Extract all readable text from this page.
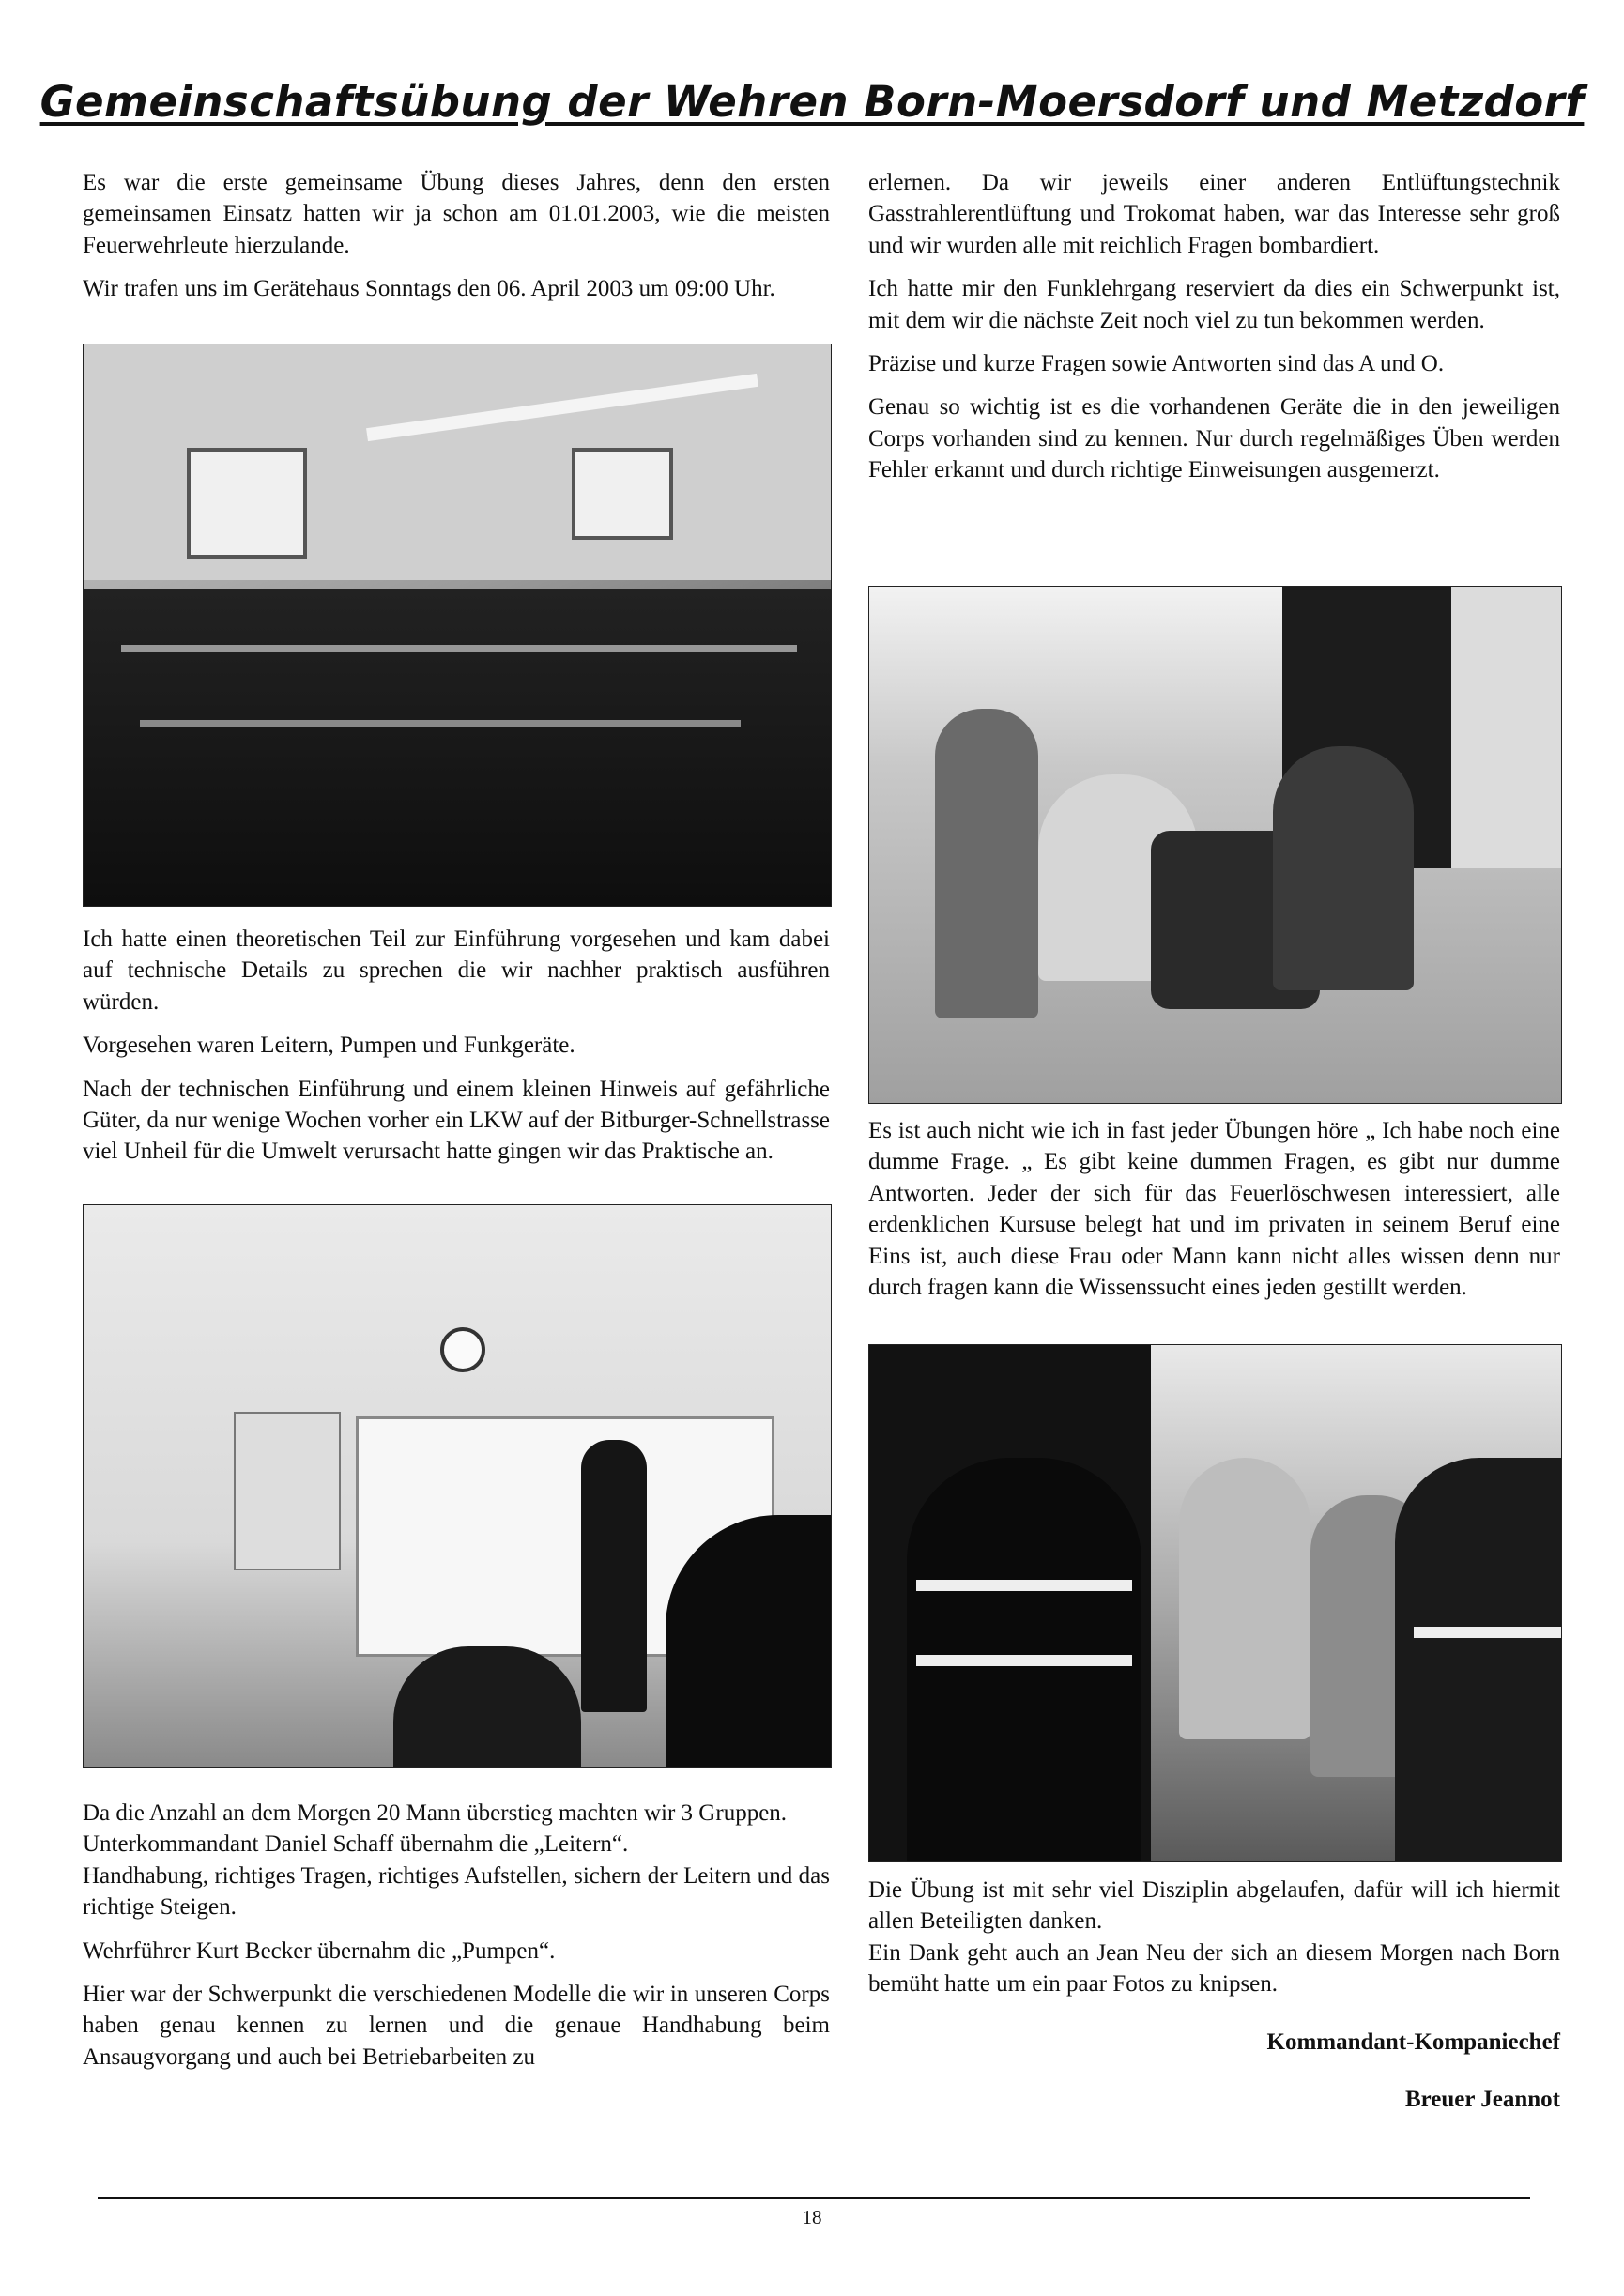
Gemeinschaftsübung der Wehren Born-Moersdorf und Metzdorf

Es war die erste gemeinsame Übung dieses Jahres, denn den ersten gemeinsamen Einsatz hatten wir ja schon am 01.01.2003, wie die meisten Feuerwehrleute hierzulande.

Wir trafen uns im Gerätehaus Sonntags den 06. April 2003 um 09:00 Uhr.

Ich hatte einen theoretischen Teil zur Einführung vorgesehen und kam dabei auf technische Details zu sprechen die wir nachher praktisch ausführen würden.

Vorgesehen waren Leitern, Pumpen und Funkgeräte.

Nach der technischen Einführung und einem kleinen Hinweis auf gefährliche Güter, da nur wenige Wochen vorher ein LKW auf der Bitburger-Schnellstrasse viel Unheil für die Umwelt verursacht hatte gingen wir das Praktische an.

Da die Anzahl an dem Morgen 20 Mann überstieg machten wir 3 Gruppen.

Unterkommandant Daniel Schaff übernahm die „Leitern“.

Handhabung, richtiges Tragen, richtiges Aufstellen, sichern der Leitern und das richtige Steigen.

Wehrführer Kurt Becker übernahm die „Pumpen“.

Hier war der Schwerpunkt die verschiedenen Modelle die wir in unseren Corps haben genau kennen zu lernen und die genaue Handhabung beim Ansaugvorgang und auch bei Betriebarbeiten zu

erlernen. Da wir jeweils einer anderen Entlüftungstechnik Gasstrahlerentlüftung und Trokomat haben, war das Interesse sehr groß und wir wurden alle mit reichlich Fragen bombardiert.

Ich hatte mir den Funklehrgang reserviert da dies ein Schwerpunkt ist, mit dem wir die nächste Zeit noch viel zu tun bekommen werden.

Präzise und kurze Fragen sowie Antworten sind das A und O.

Genau so wichtig ist es die vorhandenen Geräte die in den jeweiligen Corps vorhanden sind zu kennen. Nur durch regelmäßiges Üben werden Fehler erkannt und durch richtige Einweisungen ausgemerzt.

Es ist auch nicht wie ich in fast jeder Übungen höre „ Ich habe noch eine dumme Frage. „ Es gibt keine dummen Fragen, es gibt nur dumme Antworten. Jeder der sich für das Feuerlöschwesen interessiert, alle erdenklichen Kursuse belegt hat und im privaten in seinem Beruf eine Eins ist, auch diese Frau oder Mann kann nicht alles wissen denn nur durch fragen kann die Wissenssucht eines jeden gestillt werden.

Die Übung ist mit sehr viel Disziplin abgelaufen, dafür will ich hiermit allen Beteiligten danken.

Ein Dank geht auch an Jean Neu der sich an diesem Morgen nach Born bemüht hatte um ein paar Fotos zu knipsen.

Kommandant-Kompaniechef

Breuer Jeannot

18
